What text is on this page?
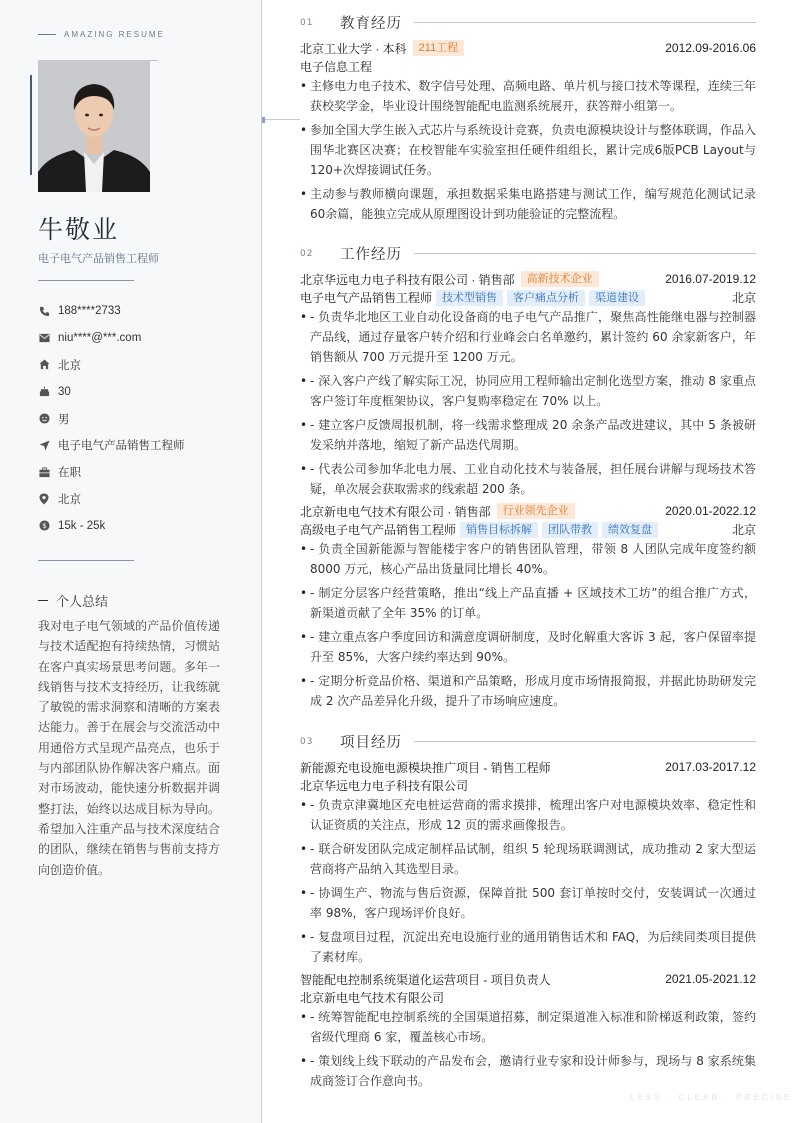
AMAZING RESUME
牛敬业
电子电气产品销售工程师
188****2733
niu****@***.com
北京
30
男
电子电气产品销售工程师
在职
北京
$ 15k - 25k
个人总结
我对电子电气领域的产品价值传递与技术适配抱有持续热情，习惯站在客户真实场景思考问题。多年一线销售与技术支持经历，让我练就了敏锐的需求洞察和清晰的方案表达能力。善于在展会与交流活动中用通俗方式呈现产品亮点，也乐于与内部团队协作解决客户痛点。面对市场波动，能快速分析数据并调整打法，始终以达成目标为导向。希望加入注重产品与技术深度结合的团队，继续在销售与售前支持方向创造价值。
01	教育经历
北京工业大学 · 本科	211工程	2012.09-2016.06
电子信息工程
• 主修电力电子技术、数字信号处理、高频电路、单片机与接口技术等课程，连续三年获校奖学金，毕业设计围绕智能配电监测系统展开，获答辩小组第一。
• 参加全国大学生嵌入式芯片与系统设计竞赛，负责电源模块设计与整体联调，作品入围华北赛区决赛；在校智能车实验室担任硬件组组长，累计完成6版PCB Layout与120+次焊接调试任务。
• 主动参与教师横向课题，承担数据采集电路搭建与测试工作，编写规范化测试记录60余篇，能独立完成从原理图设计到功能验证的完整流程。
02	工作经历
北京华远电力电子科技有限公司 · 销售部	高新技术企业	2016.07-2019.12
电子电气产品销售工程师 技术型销售	客户痛点分析	渠道建设	北京
• - 负责华北地区工业自动化设备商的电子电气产品推广，聚焦高性能继电器与控制器产品线，通过存量客户转介绍和行业峰会白名单邀约，累计签约 60 余家新客户，年销售额从 700 万元提升至 1200 万元。
• - 深入客户产线了解实际工况，协同应用工程师输出定制化选型方案，推动 8 家重点客户签订年度框架协议，客户复购率稳定在 70% 以上。
• - 建立客户反馈周报机制，将一线需求整理成 20 余条产品改进建议，其中 5 条被研发采纳并落地，缩短了新产品迭代周期。
• - 代表公司参加华北电力展、工业自动化技术与装备展，担任展台讲解与现场技术答疑，单次展会获取需求的线索超 200 条。
北京新电电气技术有限公司 · 销售部	行业领先企业	2020.01-2022.12
高级电子电气产品销售工程师 销售目标拆解	团队带教	绩效复盘	北京
• - 负责全国新能源与智能楼宇客户的销售团队管理，带领 8 人团队完成年度签约额 8000 万元，核心产品出货量同比增长 40%。
• - 制定分层客户经营策略，推出“线上产品直播 + 区域技术工坊”的组合推广方式，新渠道贡献了全年 35% 的订单。
• - 建立重点客户季度回访和满意度调研制度，及时化解重大客诉 3 起，客户保留率提升至 85%，大客户续约率达到 90%。
• - 定期分析竞品价格、渠道和产品策略，形成月度市场情报简报，并据此协助研发完成 2 次产品差异化升级，提升了市场响应速度。
03	项目经历
新能源充电设施电源模块推广项目 - 销售工程师	2017.03-2017.12
北京华远电力电子科技有限公司
• - 负责京津冀地区充电桩运营商的需求摸排，梳理出客户对电源模块效率、稳定性和认证资质的关注点，形成 12 页的需求画像报告。
• - 联合研发团队完成定制样品试制，组织 5 轮现场联调测试，成功推动 2 家大型运营商将产品纳入其选型目录。
• - 协调生产、物流与售后资源，保障首批 500 套订单按时交付，安装调试一次通过率 98%，客户现场评价良好。
• - 复盘项目过程，沉淀出充电设施行业的通用销售话术和 FAQ，为后续同类项目提供了素材库。
智能配电控制系统渠道化运营项目 - 项目负责人	2021.05-2021.12
北京新电电气技术有限公司
• - 统筹智能配电控制系统的全国渠道招募，制定渠道准入标准和阶梯返利政策，签约省级代理商 6 家，覆盖核心市场。
• - 策划线上线下联动的产品发布会，邀请行业专家和设计师参与，现场与 8 家系统集成商签订合作意向书。
LESS · CLEAR · PRECISE
